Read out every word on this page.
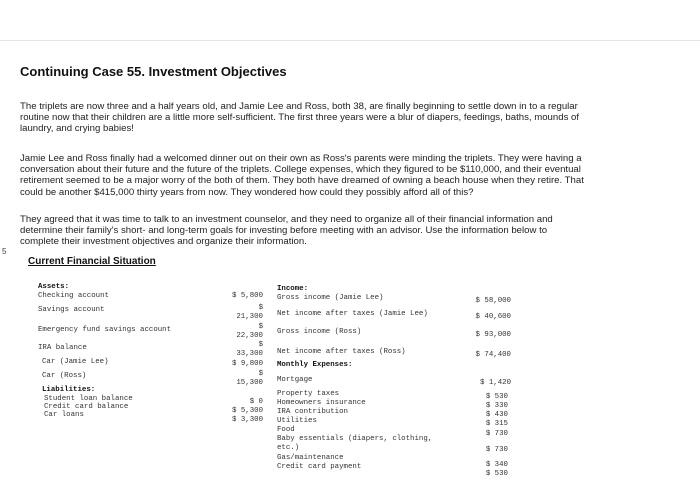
5
Continuing Case 55. Investment Objectives
The triplets are now three and a half years old, and Jamie Lee and Ross, both 38, are finally beginning to settle down in to a regular
routine now that their children are a little more self-sufficient. The first three years were a blur of diapers, feedings, baths, mounds of
laundry, and crying babies!
Jamie Lee and Ross finally had a welcomed dinner out on their own as Ross's parents were minding the triplets. They were having a
conversation about their future and the future of the triplets. College expenses, which they figured to be $110,000, and their eventual
retirement seemed to be a major worry of the both of them. They both have dreamed of owning a beach house when they retire. That
could be another $415,000 thirty years from now. They wondered how could they possibly afford all of this?
They agreed that it was time to talk to an investment counselor, and they need to organize all of their financial information and
determine their family's short- and long-term goals for investing before meeting with an advisor. Use the information below to
complete their investment objectives and organize their information.
Current Financial Situation
Assets:
Checking account
Savings account
Emergency fund savings account
IRA balance
Car (Jamie Lee)
Car (Ross)
Liabilities:
Student loan balance
Credit card balance
Car loans
$ 5,800
$
21,300
$
22,300
$
33,300
$ 9,800
$
15,300
$ 0
$ 5,300
$ 3,300
Income:
Gross income (Jamie Lee)
Net income after taxes (Jamie Lee)
Gross income (Ross)
Net income after taxes (Ross)
Monthly Expenses:
Mortgage
Property taxes
Homeowners insurance
IRA contribution
Utilities
Food
Baby essentials (diapers, clothing,
etc.)
Gas/maintenance
Credit card payment
$ 58,000
$ 40,600
$ 93,000
$ 74,400
$ 1,420
$ 530
$ 330
$ 430
$ 315
$ 730
$ 730
$ 340
$ 530
